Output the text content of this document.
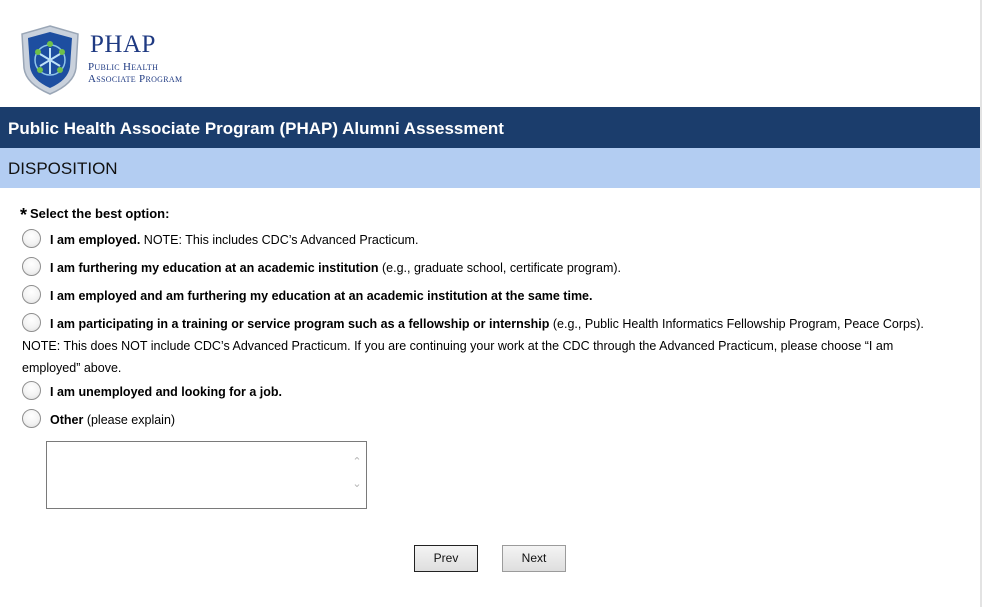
PHAP
Public Health
Associate Program
Public Health Associate Program (PHAP) Alumni Assessment
DISPOSITION
* Select the best option:
I am employed. NOTE: This includes CDC’s Advanced Practicum.
I am furthering my education at an academic institution (e.g., graduate school, certificate program).
I am employed and am furthering my education at an academic institution at the same time.
I am participating in a training or service program such as a fellowship or internship (e.g., Public Health Informatics Fellowship Program, Peace Corps). NOTE: This does NOT include CDC’s Advanced Practicum. If you are continuing your work at the CDC through the Advanced Practicum, please choose “I am employed” above.
I am unemployed and looking for a job.
Other (please explain)
⌃
⌄
Prev	Next
